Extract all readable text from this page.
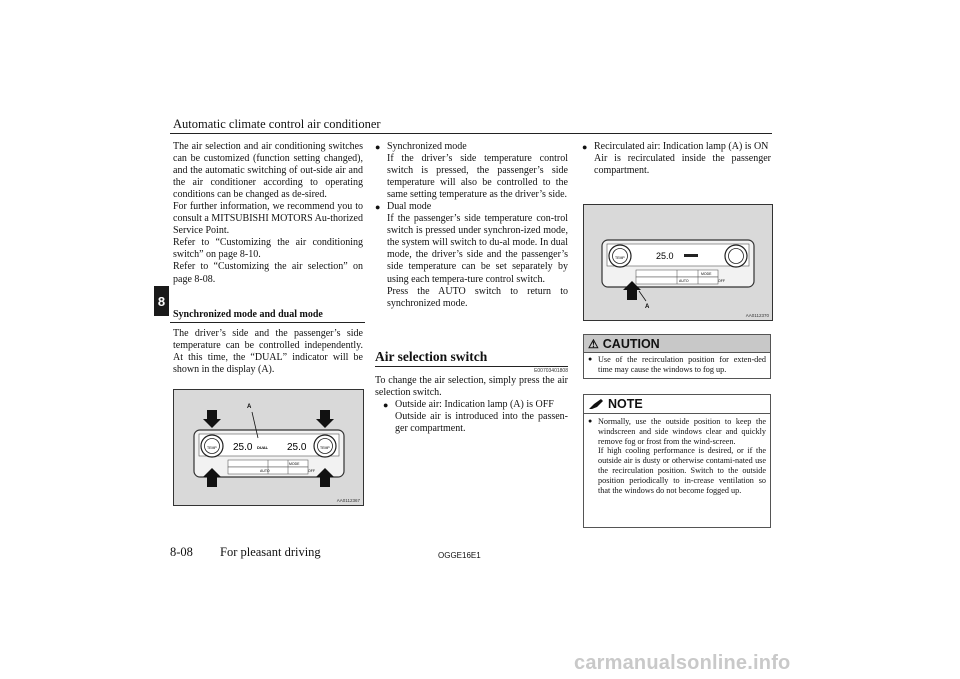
Automatic climate control air conditioner
8

The air selection and air conditioning switches can be customized (function setting changed), and the automatic switching of out-side air and the air conditioner according to operating conditions can be changed as de-sired.

For further information, we recommend you to consult a MITSUBISHI MOTORS Au-thorized Service Point.

Refer to “Customizing the air conditioning switch” on page 8-10.

Refer to “Customizing the air selection” on page 8-08.

Synchronized mode and dual mode

The driver’s side and the passenger’s side temperature can be controlled independently. At this time, the “DUAL” indicator will be shown in the display (A).

TEMP	TEMP
25.0 DUAL 25.0
AUTO
MODE
OFF
A
AA0112367
● Synchronized mode

If the driver’s side temperature control switch is pressed, the passenger’s side temperature will also be controlled to the same setting temperature as the driver’s side.

● Dual mode

If the passenger’s side temperature con-trol switch is pressed under synchron-ized mode, the system will switch to du-al mode. In dual mode, the driver’s side and the passenger’s side temperature can be set separately by using each tempera-ture control switch.

Press the AUTO switch to return to synchronized mode.

Air selection switch
E00703401808

To change the air selection, simply press the air selection switch.

● Outside air: Indication lamp (A) is OFF

Outside air is introduced into the passen-ger compartment.

● Recirculated air: Indication lamp (A) is ON

Air is recirculated inside the passenger compartment.

TEMP	25.0
AUTO
MODE
OFF
A
AA0112370
⚠ CAUTION
● Use of the recirculation position for exten-ded time may cause the windows to fog up.

NOTE
● Normally, use the outside position to keep the windscreen and side windows clear and quickly remove fog or frost from the wind-screen.

If high cooling performance is desired, or if the outside air is dusty or otherwise contami-nated use the recirculation position. Switch to the outside position periodically to in-crease ventilation so that the windows do not become fogged up.

8-08 For pleasant driving	OGGE16E1
carmanualsonline.info
